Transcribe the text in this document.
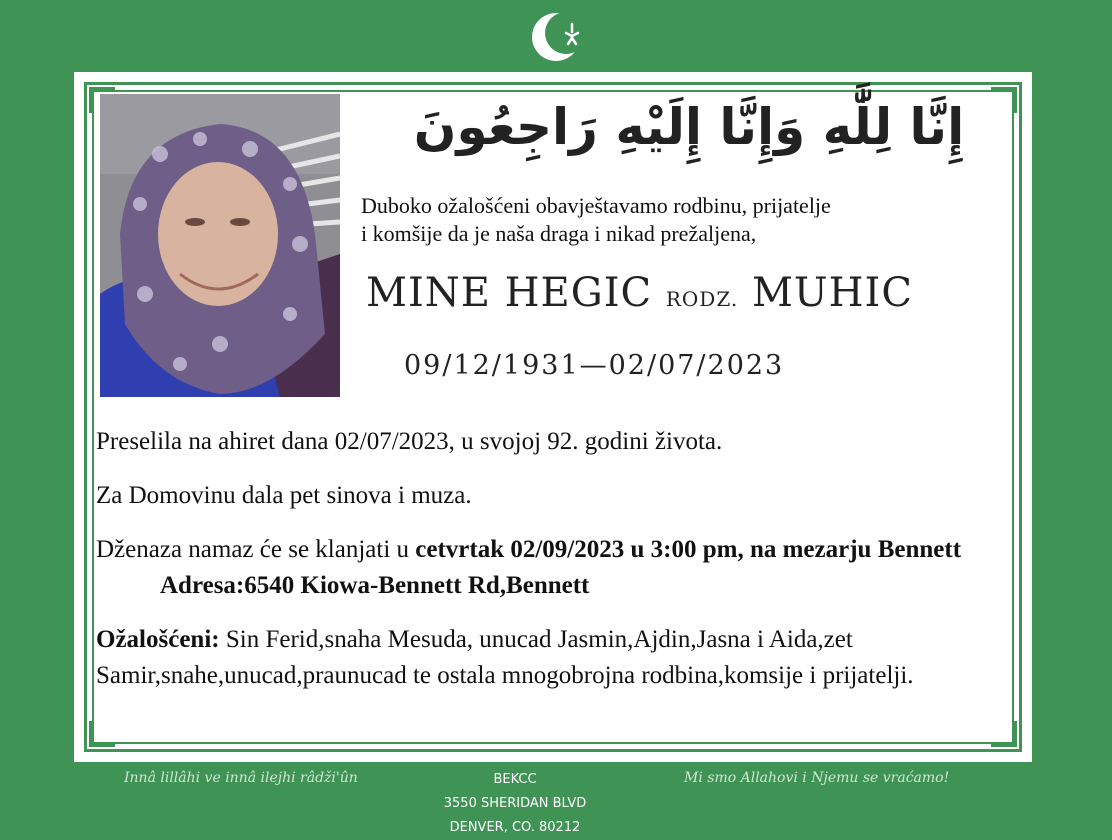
إِنَّا لِلَّٰهِ وَإِنَّا إِلَيْهِ رَاجِعُونَ
Duboko ožalošćeni obavještavamo rodbinu, prijatelje
i komšije da je naša draga i nikad prežaljena,
MINE HEGIC RODZ. MUHIC
09/12/1931—02/07/2023

Preselila na ahiret dana 02/07/2023, u svojoj 92. godini života.

Za Domovinu dala pet sinova i muza.

Dženaza namaz će se klanjati u cetvrtak 02/09/2023 u 3:00 pm, na mezarju BennettAdresa:6540 Kiowa-Bennett Rd,Bennett

Ožalošćeni: Sin Ferid,snaha Mesuda, unucad Jasmin,Ajdin,Jasna i Aida,zet Samir,snahe,unucad,praunucad te ostala mnogobrojna rodbina,komsije i prijatelji.

Innâ lillâhi ve innâ ilejhi râdži'ûn	BEKCC
3550 SHERIDAN BLVD
DENVER, CO. 80212
Mi smo Allahovi i Njemu se vraćamo!
